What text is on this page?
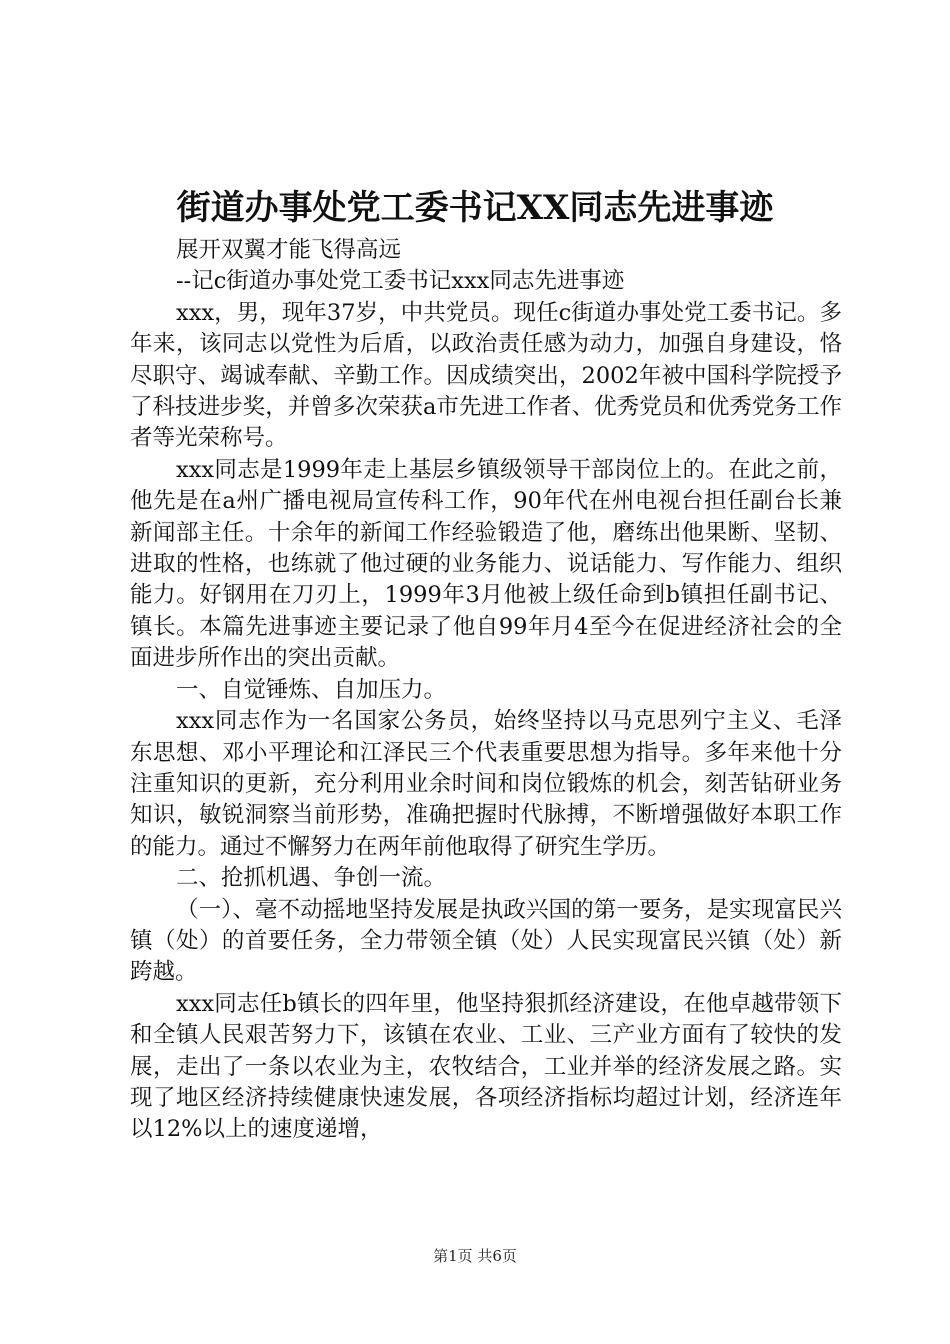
街道办事处党工委书记XX同志先进事迹

展开双翼才能飞得高远

--记c街道办事处党工委书记xxx同志先进事迹

xxx，男，现年37岁，中共党员。现任c街道办事处党工委书记。多年来，该同志以党性为后盾，以政治责任感为动力，加强自身建设，恪尽职守、竭诚奉献、辛勤工作。因成绩突出，2002年被中国科学院授予了科技进步奖，并曾多次荣获a市先进工作者、优秀党员和优秀党务工作者等光荣称号。

xxx同志是1999年走上基层乡镇级领导干部岗位上的。在此之前，他先是在a州广播电视局宣传科工作，90年代在州电视台担任副台长兼新闻部主任。十余年的新闻工作经验锻造了他，磨练出他果断、坚韧、进取的性格，也练就了他过硬的业务能力、说话能力、写作能力、组织能力。好钢用在刀刃上，1999年3月他被上级任命到b镇担任副书记、镇长。本篇先进事迹主要记录了他自99年月4至今在促进经济社会的全面进步所作出的突出贡献。

一、自觉锤炼、自加压力。

xxx同志作为一名国家公务员，始终坚持以马克思列宁主义、毛泽东思想、邓小平理论和江泽民三个代表重要思想为指导。多年来他十分注重知识的更新，充分利用业余时间和岗位锻炼的机会，刻苦钻研业务知识，敏锐洞察当前形势，准确把握时代脉搏，不断增强做好本职工作的能力。通过不懈努力在两年前他取得了研究生学历。

二、抢抓机遇、争创一流。

（一）、毫不动摇地坚持发展是执政兴国的第一要务，是实现富民兴镇（处）的首要任务，全力带领全镇（处）人民实现富民兴镇（处）新跨越。

xxx同志任b镇长的四年里，他坚持狠抓经济建设，在他卓越带领下和全镇人民艰苦努力下，该镇在农业、工业、三产业方面有了较快的发展，走出了一条以农业为主，农牧结合，工业并举的经济发展之路。实现了地区经济持续健康快速发展，各项经济指标均超过计划，经济连年以12%以上的速度递增，

第1页 共6页
